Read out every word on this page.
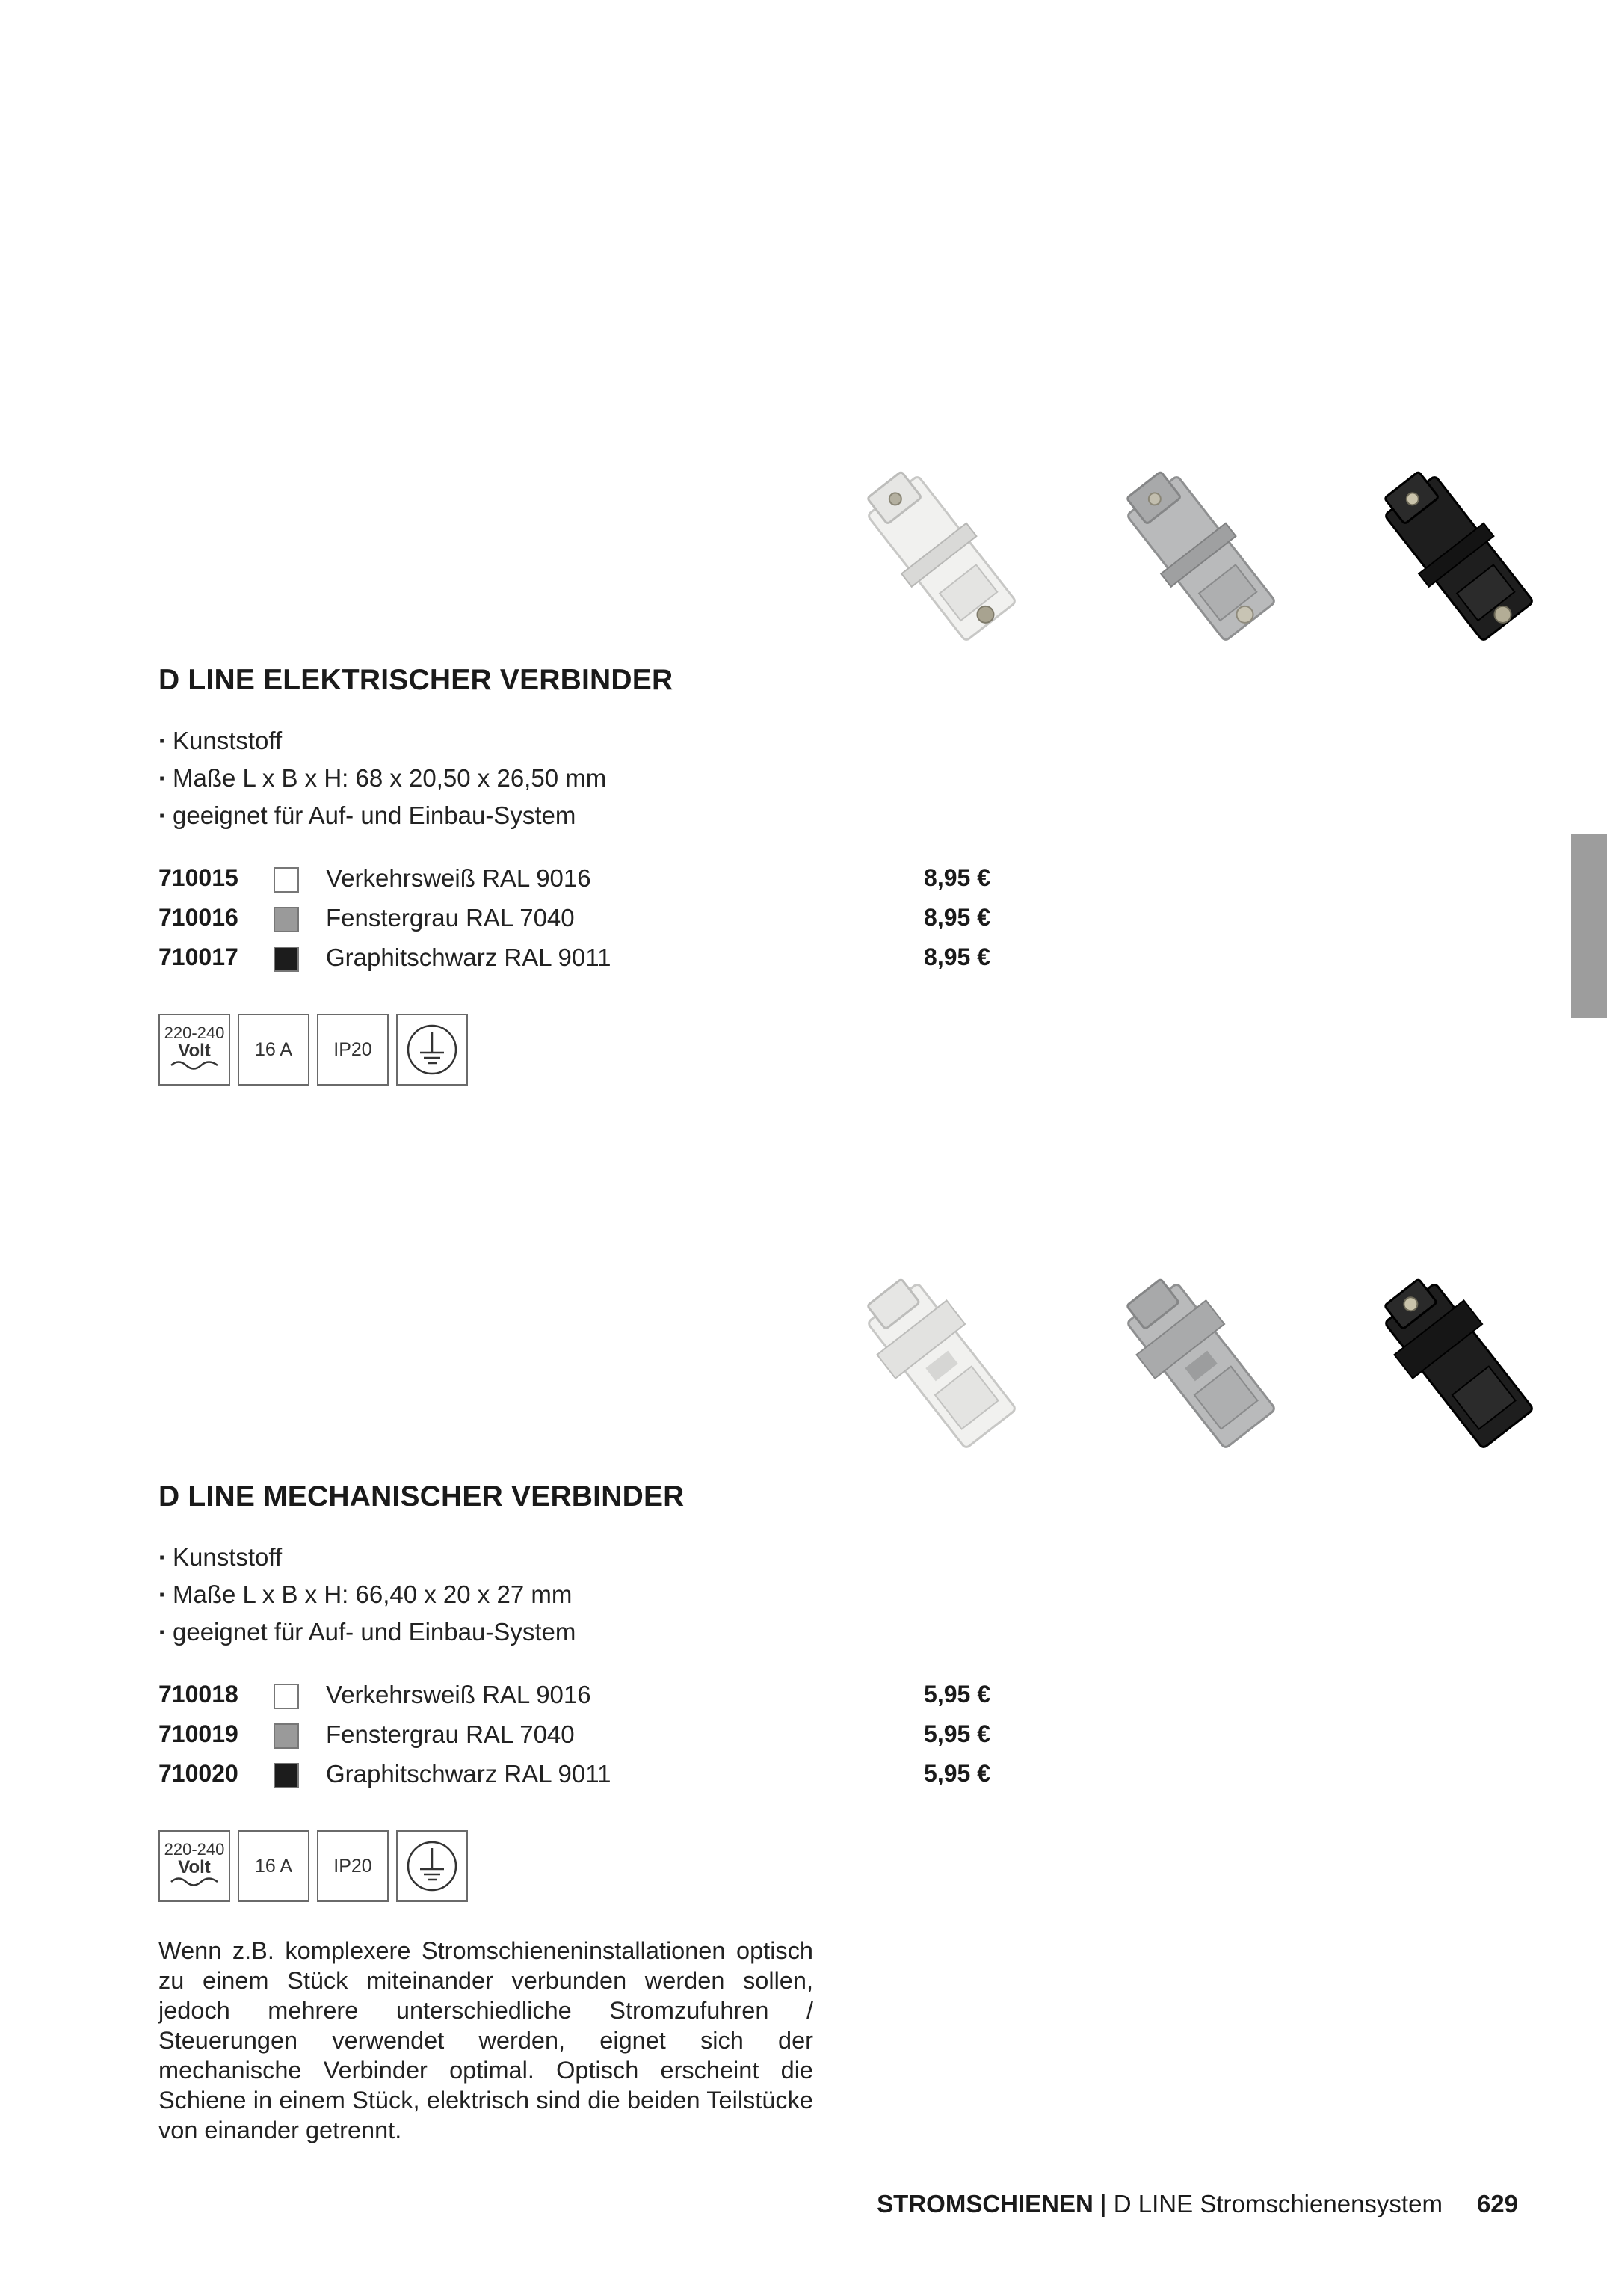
D LINE ELEKTRISCHER VERBINDER
· Kunststoff
· Maße L x B x H: 68 x 20,50 x 26,50 mm
· geeignet für Auf- und Einbau-System
710015	Verkehrsweiß RAL 9016	8,95 €
710016	Fenstergrau RAL 7040	8,95 €
710017	Graphitschwarz RAL 9011	8,95 €
220-240
Volt 16 A IP20
D LINE MECHANISCHER VERBINDER
· Kunststoff
· Maße L x B x H: 66,40 x 20 x 27 mm
· geeignet für Auf- und Einbau-System
710018	Verkehrsweiß RAL 9016	5,95 €
710019	Fenstergrau RAL 7040	5,95 €
710020	Graphitschwarz RAL 9011	5,95 €
220-240
Volt 16 A IP20

Wenn z.B. komplexere Stromschieneninstallationen optisch zu einem Stück miteinander verbunden werden sollen, jedoch mehrere unterschiedliche Stromzufuhren / Steuerungen verwendet werden, eignet sich der mechanische Verbinder optimal. Optisch erscheint die Schiene in einem Stück, elektrisch sind die beiden Teilstücke von einander getrennt.

STROMSCHIENEN | D LINE Stromschienensystem 629
